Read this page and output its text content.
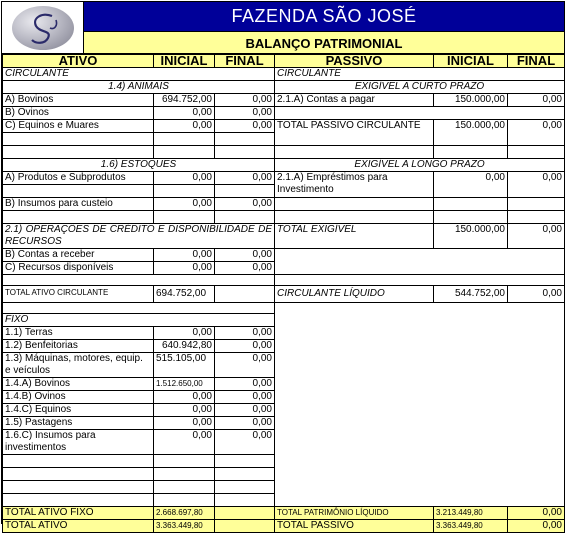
FAZENDA SÃO JOSÉ
BALANÇO PATRIMONIAL
ATIVO	INICIAL	FINAL	PASSIVO	INICIAL	FINAL
CIRCULANTE			CIRCULANTE		
1.4) ANIMAIS			EXIGÍVEL A CURTO PRAZO		
A) Bovinos	694.752,00	0,00	2.1.A) Contas a pagar	150.000,00	0,00
B) Ovinos	0,00	0,00			
C) Equinos e Muares	0,00	0,00	TOTAL PASSIVO CIRCULANTE	150.000,00	0,00

1.6) ESTOQUES			EXIGÍVEL A LONGO PRAZO		
A) Produtos e Subprodutos	0,00	0,00	2.1.A) Empréstimos para Investimento	0,00	0,00

B) Insumos para custeio	0,00	0,00			

2.1) OPERAÇÕES DE CRÉDITO E DISPONIBILIDADE DE RECURSOS			TOTAL EXIGÍVEL	150.000,00	0,00

B) Contas a receber	0,00	0,00			
C) Recursos disponíveis	0,00	0,00			

TOTAL ATIVO CIRCULANTE	694.752,00		CIRCULANTE LÍQUIDO	544.752,00	0,00

FIXO					
1.1) Terras	0,00	0,00			
1.2) Benfeitorias	640.942,80	0,00			
1.3) Máquinas, motores, equip. e veículos	515.105,00	0,00			
1.4.A) Bovinos	1.512.650,00	0,00			
1.4.B) Ovinos	0,00	0,00			
1.4.C) Equinos	0,00	0,00			
1.5) Pastagens	0,00	0,00			
1.6.C) Insumos para investimentos	0,00	0,00			

TOTAL ATIVO FIXO	2.668.697,80		TOTAL PATRIMÔNIO LÍQUIDO	3.213.449,80	0,00
TOTAL ATIVO	3.363.449,80		TOTAL PASSIVO	3.363.449,80	0,00
